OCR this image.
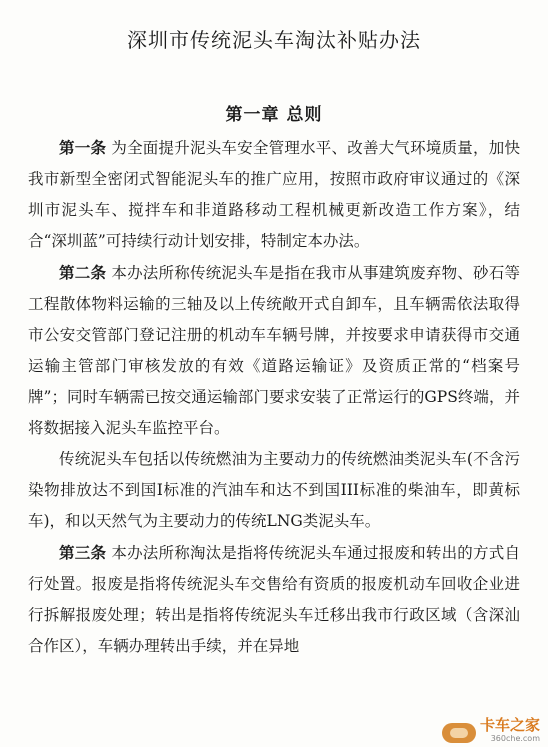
深圳市传统泥头车淘汰补贴办法
第一章 总则

第一条 为全面提升泥头车安全管理水平、改善大气环境质量，加快我市新型全密闭式智能泥头车的推广应用，按照市政府审议通过的《深圳市泥头车、搅拌车和非道路移动工程机械更新改造工作方案》，结合“深圳蓝”可持续行动计划安排，特制定本办法。

第二条 本办法所称传统泥头车是指在我市从事建筑废弃物、砂石等工程散体物料运输的三轴及以上传统敞开式自卸车，且车辆需依法取得市公安交管部门登记注册的机动车车辆号牌，并按要求申请获得市交通运输主管部门审核发放的有效《道路运输证》及资质正常的“档案号牌”；同时车辆需已按交通运输部门要求安装了正常运行的GPS终端，并将数据接入泥头车监控平台。

传统泥头车包括以传统燃油为主要动力的传统燃油类泥头车(不含污染物排放达不到国I标准的汽油车和达不到国III标准的柴油车，即黄标车)，和以天然气为主要动力的传统LNG类泥头车。

第三条 本办法所称淘汰是指将传统泥头车通过报废和转出的方式自行处置。报废是指将传统泥头车交售给有资质的报废机动车回收企业进行拆解报废处理；转出是指将传统泥头车迁移出我市行政区域（含深汕合作区），车辆办理转出手续，并在异地

卡车之家
360che.com
